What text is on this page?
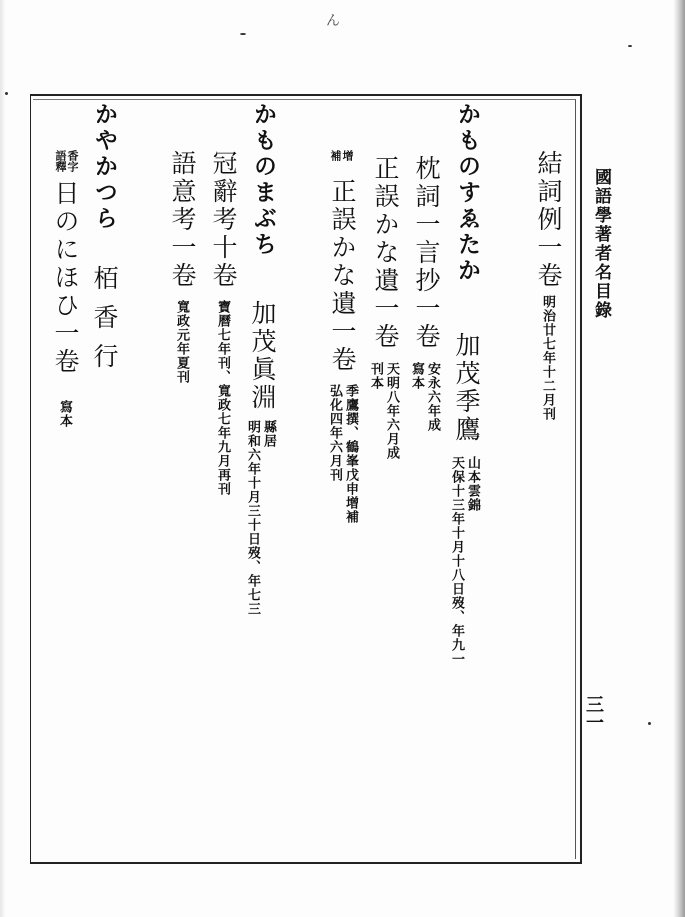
ん
國語學著者名目錄
三一
結詞例一卷
明治廿七年十二月刊
かものすゑたか
加茂季鷹
山本雲錦
天保十三年十月十八日歿、年九一
枕詞一言抄一卷
安永六年成
寫本
正誤かな遺一卷
天明八年六月成
刊本
增
補
正誤かな遺一卷
季鷹撰、鶴峯戊申增補
弘化四年六月刊
かものまぶち
加茂眞淵
縣居
明和六年十月三十日歿、年七三
冠辭考十卷
寶曆七年刊、寬政七年九月再刊
語意考一卷
寬政元年夏刊
かやかつら
栢香行
香字
語釋
日のにほひ一卷
寫本
